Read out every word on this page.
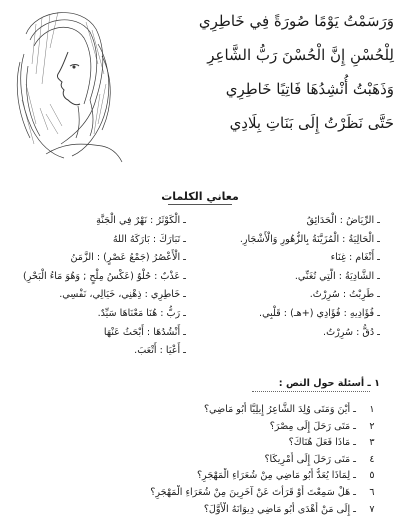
وَرَسَمْتُ يَوْمًا صُورَةً فِي خَاطِرِي
لِلْحُسْنِ إِنَّ الْحُسْنَ رَبُّ الشَّاعِرِ
وَذَهَبْتُ أُنْشِدُهَا فَاتِيًا خَاطِرِي
حَتَّى نَظَرْتُ إِلَى بَنَاتِ بِلَادِي
معاني الكلمات
ـ الرِّيَاضُ : الْحَدَائِقُ
ـ الْحَالِيَةُ : الْمُزَيَّنَةُ بِالزُّهُورِ وَالْأَشْجَارِ.
ـ أَنْغَام : غِنَاء
ـ الشَّادِيَةُ : الَّتِي تُغَنِّي.
ـ طَرِبْتُ : سُرِرْتُ.
ـ فُؤَادِيهِ : فُؤَادِي (+هـ) : قَلْبِي.
ـ دُقُّ : سُرِرْتُ.
ـ الْكَوْثَرُ : نَهْرٌ فِي الْجَنَّةِ
ـ تَبَارَكَ : بَارَكَهُ اللهُ
ـ الْأَعْصُرُ (جَمْعُ عَصْرٍ) : الزَّمَنُ
ـ عَذْبٌ : حُلْوٌ (عَكْسُ مِلْحٍ ; وَهُوَ مَاءُ الْبَحْرِ)
ـ خَاطِرِي : ذِهْنِي، خَيَالِي، نَفْسِي.
ـ رَبُّ : هُنَا مَعْنَاهَا سَيِّدٌ.
ـ أَنْشُدُهَا : أَبْحَثُ عَنْهَا
ـ أَعْيَا : أَتْعَبَ.
١ ـ أسئلة حول النص :
١
ـ أَيْنَ وَمَتَى وُلِدَ الشَّاعِرُ إِيلِيَّا أَبُو مَاضِي؟
٢
ـ مَتَى رَحَلَ إِلَى مِصْرَ؟
٣
ـ مَاذَا فَعَلَ هُنَاكَ؟
٤
ـ مَتَى رَحَلَ إِلَى أَمْرِيكَا؟
٥
ـ لِمَاذَا يُعَدُّ أَبُو مَاضِي مِنْ شُعَرَاءِ الْمَهْجَرِ؟
٦
ـ هَلْ سَمِعْتَ أَوْ قَرَأْتَ عَنْ آخَرِينَ مِنْ شُعَرَاءِ الْمَهْجَرِ؟
٧
ـ إِلَى مَنْ أَهْدَى أَبُو مَاضِي دِيوَانَهُ الْأَوَّلَ؟
